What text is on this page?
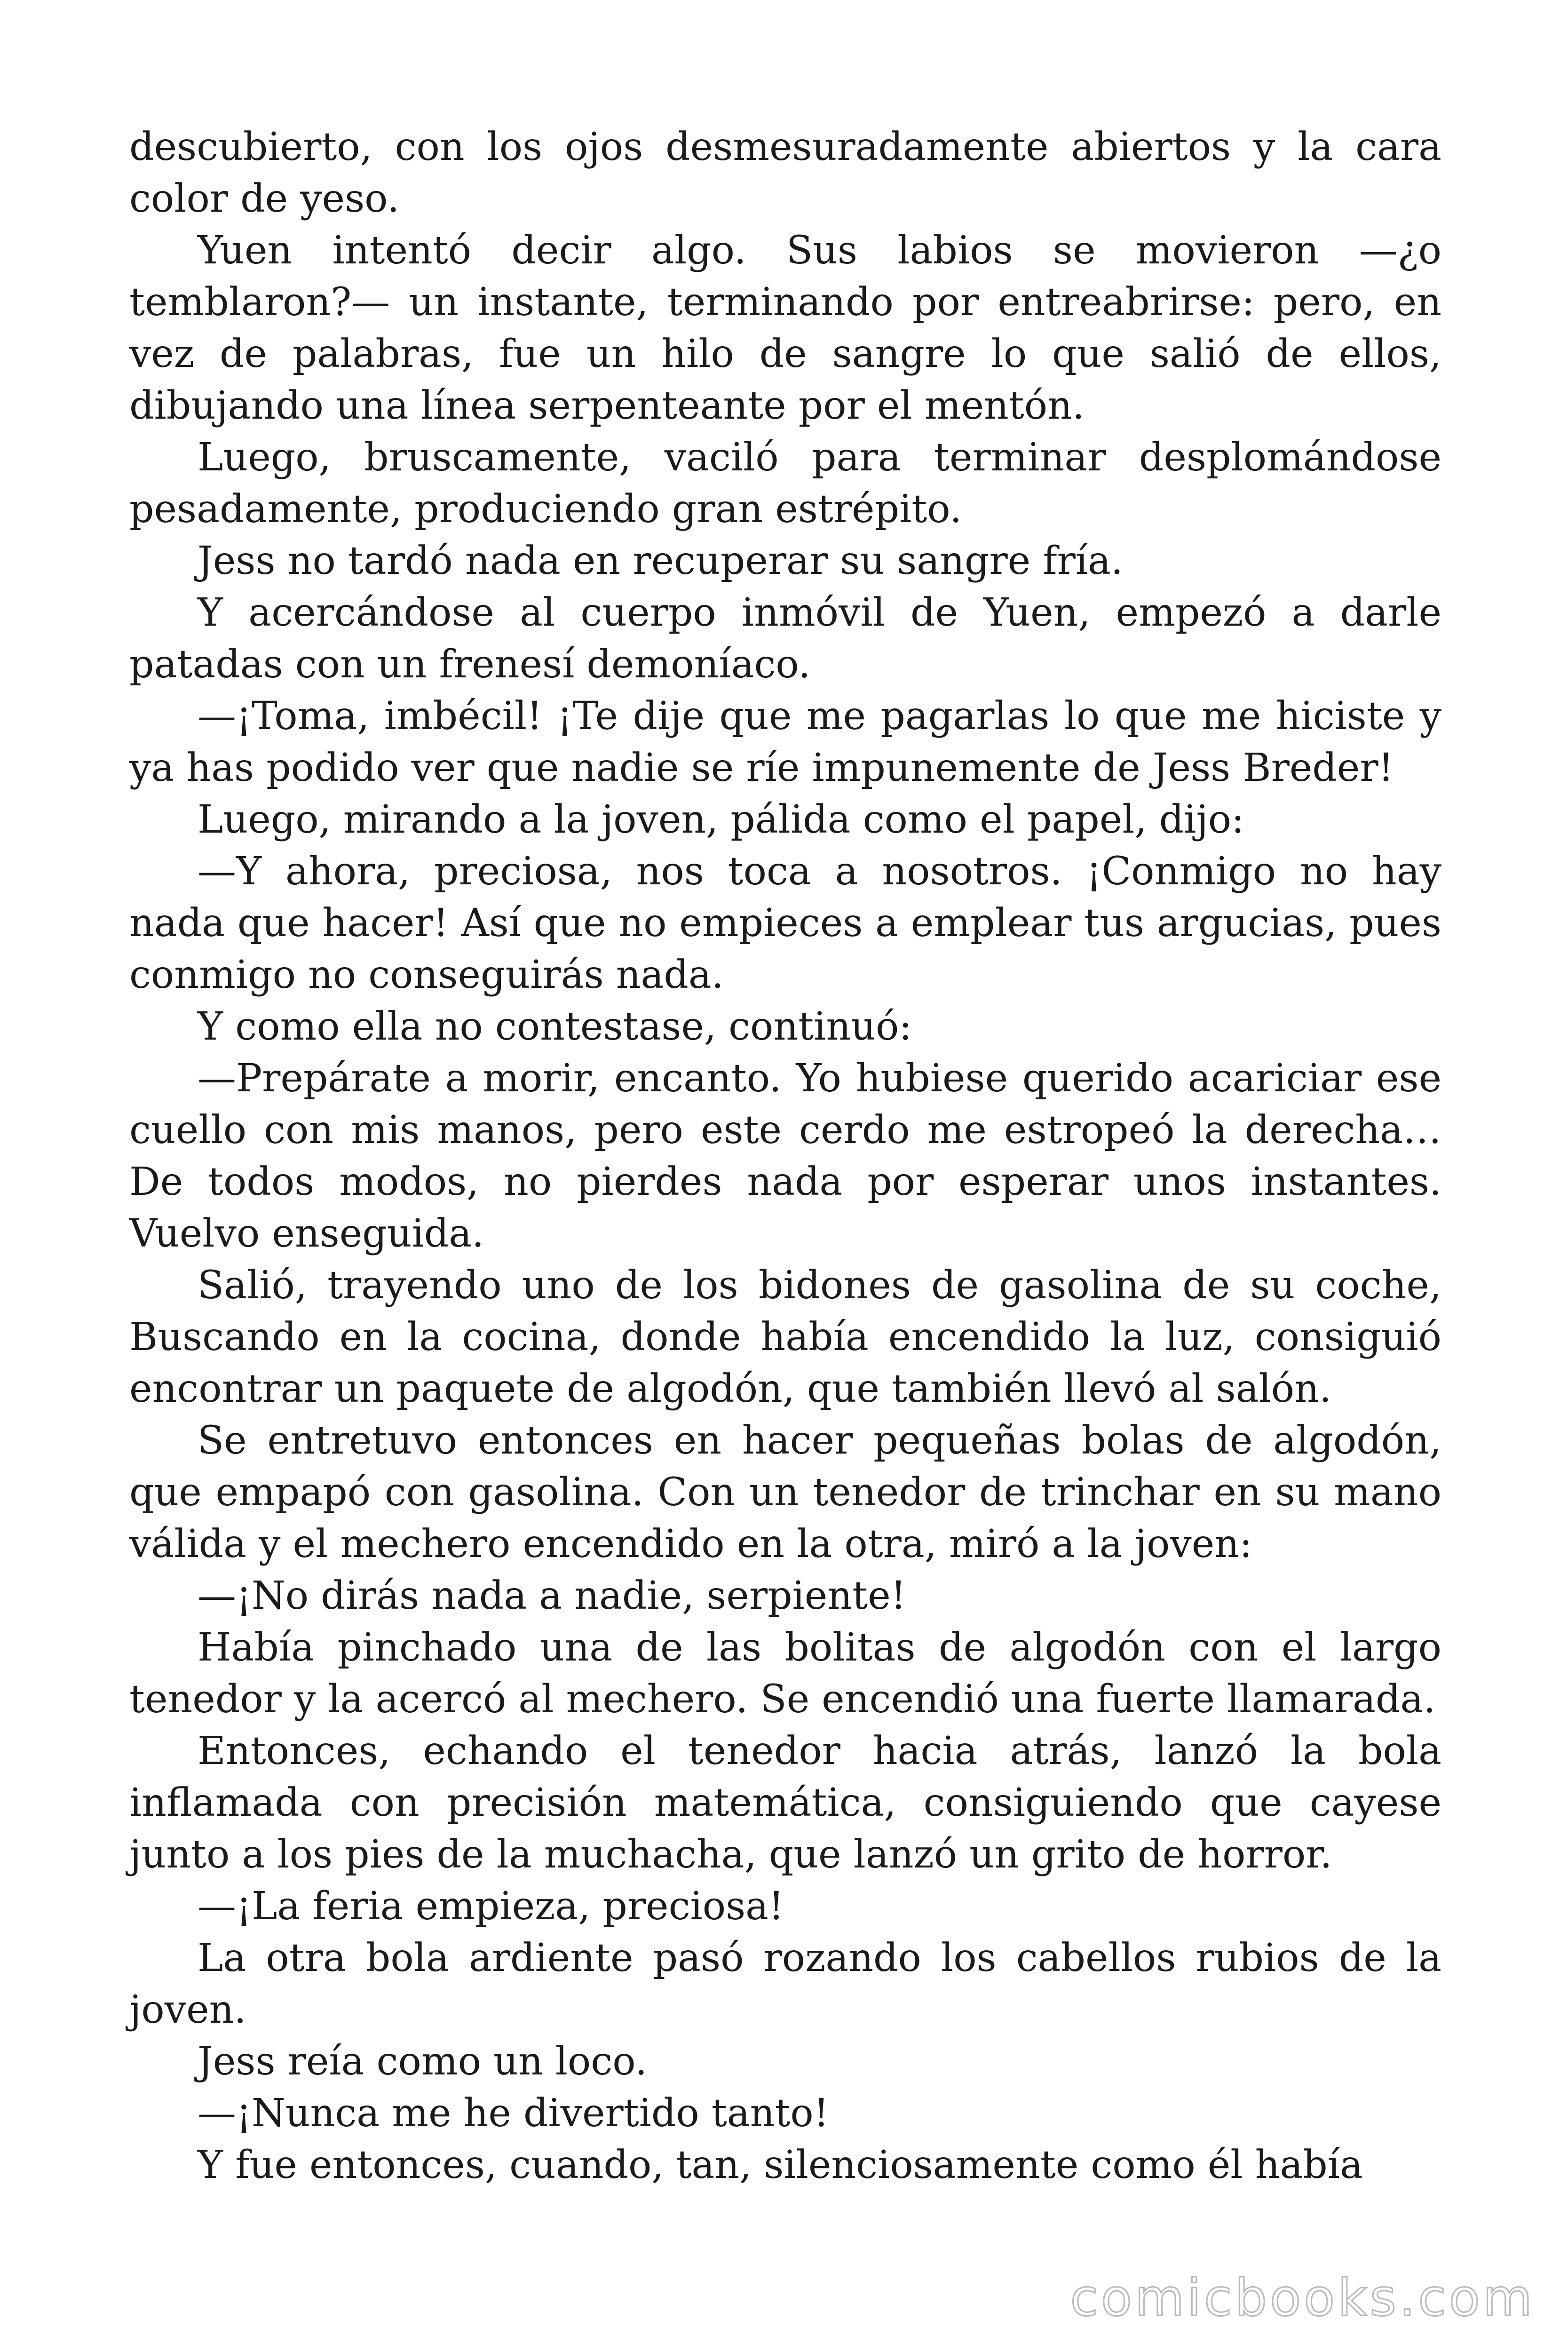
descubierto, con los ojos desmesuradamente abiertos y la cara color de yeso.

Yuen intentó decir algo. Sus labios se movieron —¿o temblaron?— un instante, terminando por entreabrirse: pero, en vez de palabras, fue un hilo de sangre lo que salió de ellos, dibujando una línea serpenteante por el mentón.

Luego, bruscamente, vaciló para terminar desplomándose pesadamente, produciendo gran estrépito.

Jess no tardó nada en recuperar su sangre fría.

Y acercándose al cuerpo inmóvil de Yuen, empezó a darle patadas con un frenesí demoníaco.

—¡Toma, imbécil! ¡Te dije que me pagarlas lo que me hiciste y ya has podido ver que nadie se ríe impunemente de Jess Breder!

Luego, mirando a la joven, pálida como el papel, dijo:

—Y ahora, preciosa, nos toca a nosotros. ¡Conmigo no hay nada que hacer! Así que no empieces a emplear tus argucias, pues conmigo no conseguirás nada.

Y como ella no contestase, continuó:

—Prepárate a morir, encanto. Yo hubiese querido acariciar ese cuello con mis manos, pero este cerdo me estropeó la derecha… De todos modos, no pierdes nada por esperar unos instantes. Vuelvo enseguida.

Salió, trayendo uno de los bidones de gasolina de su coche, Buscando en la cocina, donde había encendido la luz, consiguió encontrar un paquete de algodón, que también llevó al salón.

Se entretuvo entonces en hacer pequeñas bolas de algodón, que empapó con gasolina. Con un tenedor de trinchar en su mano válida y el mechero encendido en la otra, miró a la joven:

—¡No dirás nada a nadie, serpiente!

Había pinchado una de las bolitas de algodón con el largo tenedor y la acercó al mechero. Se encendió una fuerte llamarada.

Entonces, echando el tenedor hacia atrás, lanzó la bola inflamada con precisión matemática, consiguiendo que cayese junto a los pies de la muchacha, que lanzó un grito de horror.

—¡La feria empieza, preciosa!

La otra bola ardiente pasó rozando los cabellos rubios de la joven.

Jess reía como un loco.

—¡Nunca me he divertido tanto!

Y fue entonces, cuando, tan, silenciosamente como él había

comicbooks.com
